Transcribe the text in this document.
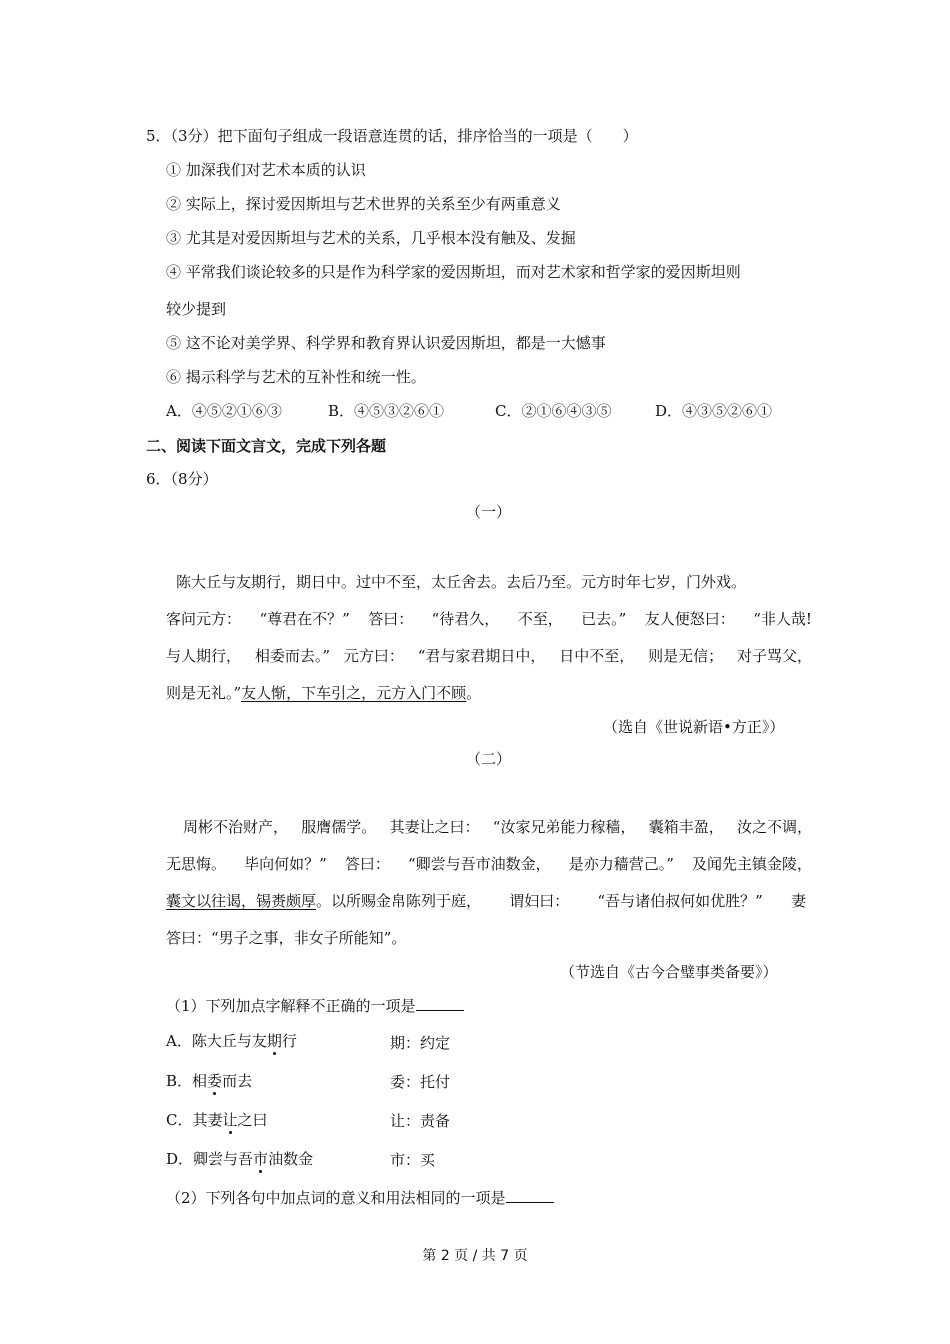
5．（3分）把下面句子组成一段语意连贯的话，排序恰当的一项是（　　）
① 加深我们对艺术本质的认识
② 实际上，探讨爱因斯坦与艺术世界的关系至少有两重意义
③ 尤其是对爱因斯坦与艺术的关系，几乎根本没有触及、发掘
④ 平常我们谈论较多的只是作为科学家的爱因斯坦，而对艺术家和哲学家的爱因斯坦则
较少提到
⑤ 这不论对美学界、科学界和教育界认识爱因斯坦，都是一大憾事
⑥ 揭示科学与艺术的互补性和统一性。
A．④⑤②①⑥③	B．④⑤③②⑥①	C．②①⑥④③⑤	D．④③⑤②⑥①
二、阅读下面文言文，完成下列各题
6．（8分）
（一）
陈大丘与友期行，期日中。过中不至，太丘舍去。去后乃至。元方时年七岁，门外戏。
客问元方： “尊君在不？” 答曰： “待君久， 不至， 已去。” 友人便怒曰： “非人哉!
与人期行， 相委而去。” 元方曰： “君与家君期日中， 日中不至， 则是无信； 对子骂父，
则是无礼。”友人惭，下车引之，元方入门不顾。
（选自《世说新语•方正》）
（二）
周彬不治财产， 服膺儒学。 其妻让之曰： “汝家兄弟能力稼穑， 囊箱丰盈， 汝之不调，
无思悔。 毕向何如？” 答曰： “卿尝与吾市油数金， 是亦力穑营己。” 及闻先主镇金陵，
囊文以往谒，锡赉颇厚。以所赐金帛陈列于庭， 谓妇曰： “吾与诸伯叔何如优胜？” 妻
答曰：“男子之事，非女子所能知”。
（节选自《古今合璧事类备要》）
（1）下列加点字解释不正确的一项是
A．陈大丘与友期行	期：约定
B．相委而去	委：托付
C．其妻让之曰	让：责备
D．卿尝与吾市油数金	市：买
（2）下列各句中加点词的意义和用法相同的一项是
第 2 页 / 共 7 页
